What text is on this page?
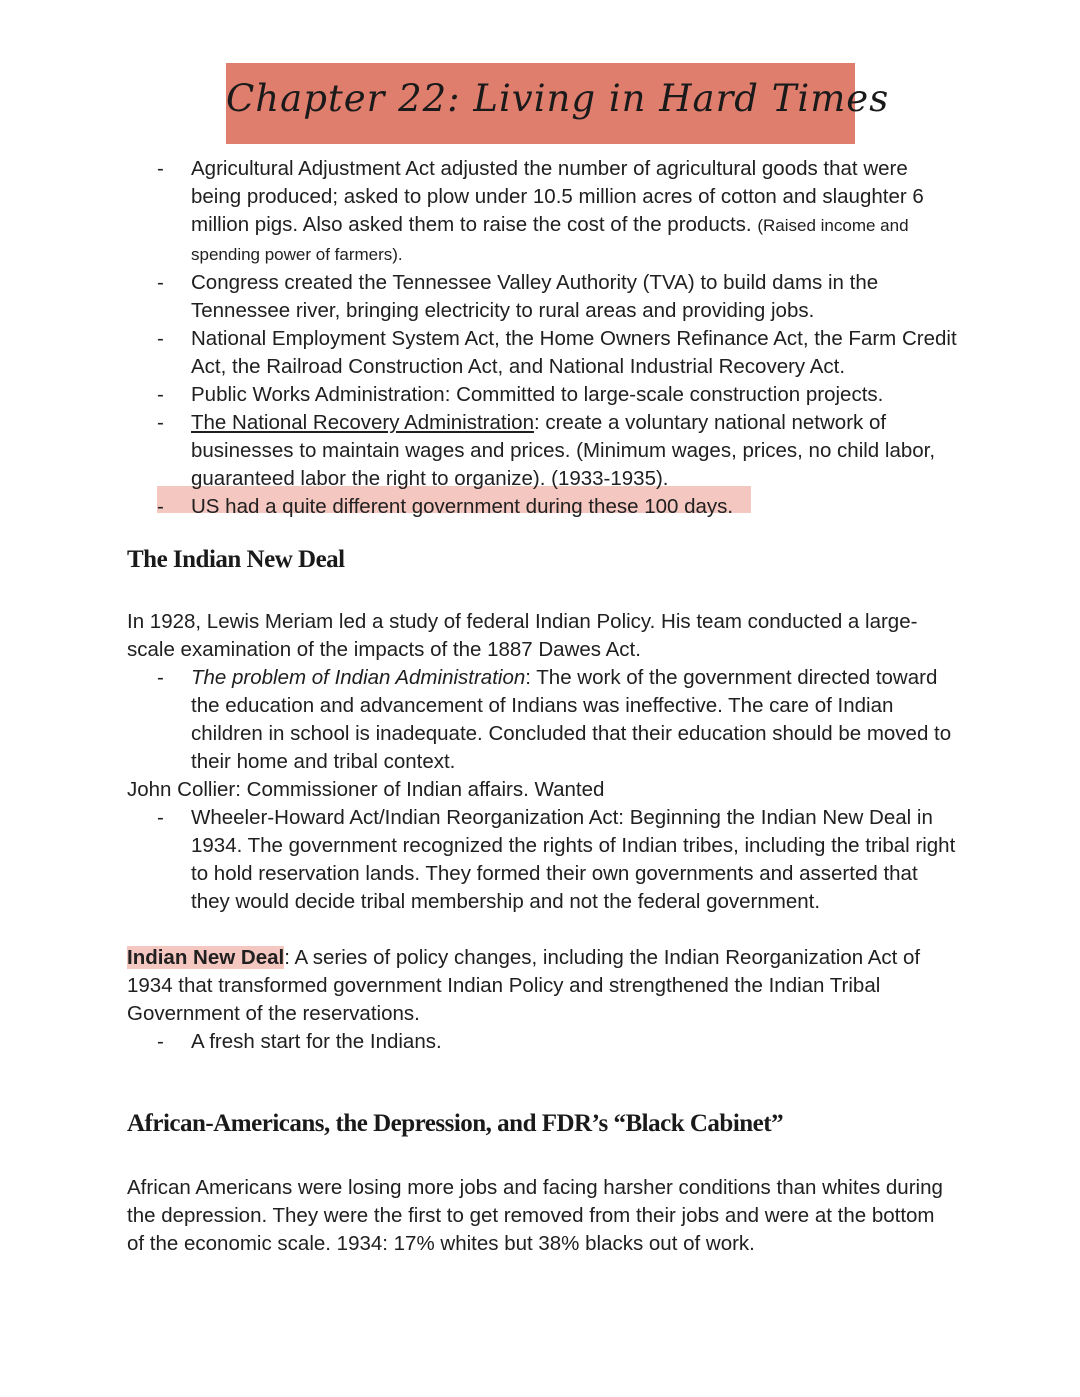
Chapter 22: Living in Hard Times
- Agricultural Adjustment Act adjusted the number of agricultural goods that were being produced; asked to plow under 10.5 million acres of cotton and slaughter 6 million pigs. Also asked them to raise the cost of the products. (Raised income and spending power of farmers).
- Congress created the Tennessee Valley Authority (TVA) to build dams in the Tennessee river, bringing electricity to rural areas and providing jobs.
- National Employment System Act, the Home Owners Refinance Act, the Farm Credit Act, the Railroad Construction Act, and National Industrial Recovery Act.
- Public Works Administration: Committed to large-scale construction projects.
- The National Recovery Administration: create a voluntary national network of businesses to maintain wages and prices. (Minimum wages, prices, no child labor, guaranteed labor the right to organize). (1933-1935).
- US had a quite different government during these 100 days.
The Indian New Deal

In 1928, Lewis Meriam led a study of federal Indian Policy. His team conducted a large-scale examination of the impacts of the 1887 Dawes Act.

- The problem of Indian Administration: The work of the government directed toward the education and advancement of Indians was ineffective. The care of Indian children in school is inadequate. Concluded that their education should be moved to their home and tribal context.

John Collier: Commissioner of Indian affairs. Wanted

- Wheeler-Howard Act/Indian Reorganization Act: Beginning the Indian New Deal in 1934. The government recognized the rights of Indian tribes, including the tribal right to hold reservation lands. They formed their own governments and asserted that they would decide tribal membership and not the federal government.

Indian New Deal: A series of policy changes, including the Indian Reorganization Act of 1934 that transformed government Indian Policy and strengthened the Indian Tribal Government of the reservations.

- A fresh start for the Indians.
African-Americans, the Depression, and FDR’s “Black Cabinet”

African Americans were losing more jobs and facing harsher conditions than whites during the depression. They were the first to get removed from their jobs and were at the bottom of the economic scale. 1934: 17% whites but 38% blacks out of work.
